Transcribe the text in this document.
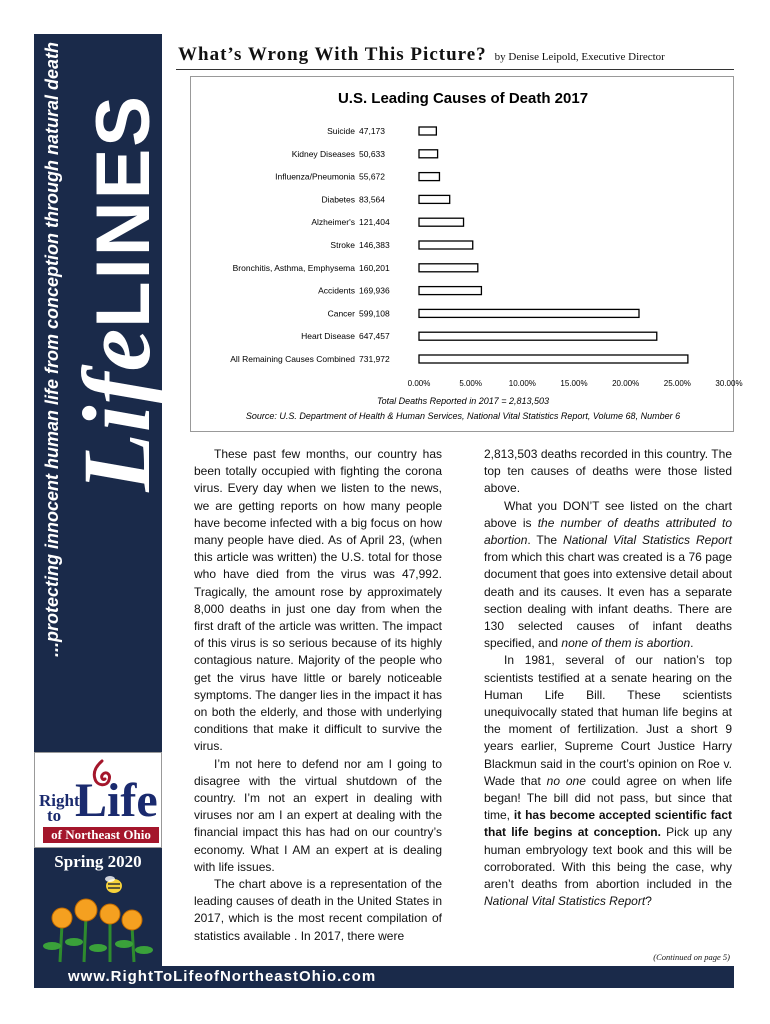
...protecting innocent human life from conception through natural death Life
LINES
Right
to Life
of Northeast Ohio
Spring 2020
What’s Wrong With This Picture? by Denise Leipold, Executive Director
U.S. Leading Causes of Death 2017
Suicide 47,173
Kidney Diseases 50,633
Influenza/Pneumonia 55,672
Diabetes 83,564
Alzheimer's 121,404
Stroke 146,383
Bronchitis, Asthma, Emphysema 160,201
Accidents 169,936
Cancer 599,108
Heart Disease 647,457
All Remaining Causes Combined 731,972
0.00%	5.00%	10.00%	15.00%	20.00%	25.00%	30.00%
Total Deaths Reported in 2017 = 2,813,503
Source: U.S. Department of Health & Human Services, National Vital Statistics Report, Volume 68, Number 6

These past few months, our country has been totally occupied with fighting the corona virus. Every day when we listen to the news, we are getting reports on how many people have become infected with a big focus on how many people have died. As of April 23, (when this article was written) the U.S. total for those who have died from the virus was 47,992. Tragically, the amount rose by approximately 8,000 deaths in just one day from when the first draft of the article was written. The impact of this virus is so serious because of its highly contagious nature. Majority of the people who get the virus have little or barely noticeable symptoms. The danger lies in the impact it has on both the elderly, and those with underlying conditions that make it difficult to survive the virus.

I’m not here to defend nor am I going to disagree with the virtual shutdown of the country. I’m not an expert in dealing with viruses nor am I an expert at dealing with the financial impact this has had on our country’s economy. What I AM an expert at is dealing with life issues.

The chart above is a representation of the leading causes of death in the United States in 2017, which is the most recent compilation of statistics available . In 2017, there were

2,813,503 deaths recorded in this country. The top ten causes of deaths were those listed above.

What you DON’T see listed on the chart above is the number of deaths attributed to abortion. The National Vital Statistics Report from which this chart was created is a 76 page document that goes into extensive detail about death and its causes. It even has a separate section dealing with infant deaths. There are 130 selected causes of infant deaths specified, and none of them is abortion.

In 1981, several of our nation’s top scientists testified at a senate hearing on the Human Life Bill. These scientists unequivocally stated that human life begins at the moment of fertilization. Just a short 9 years earlier, Supreme Court Justice Harry Blackmun said in the court’s opinion on Roe v. Wade that no one could agree on when life began! The bill did not pass, but since that time, it has become accepted scientific fact that life begins at conception. Pick up any human embryology text book and this will be corroborated. With this being the case, why aren’t deaths from abortion included in the National Vital Statistics Report?

(Continued on page 5)
www.RightToLifeofNortheastOhio.com
